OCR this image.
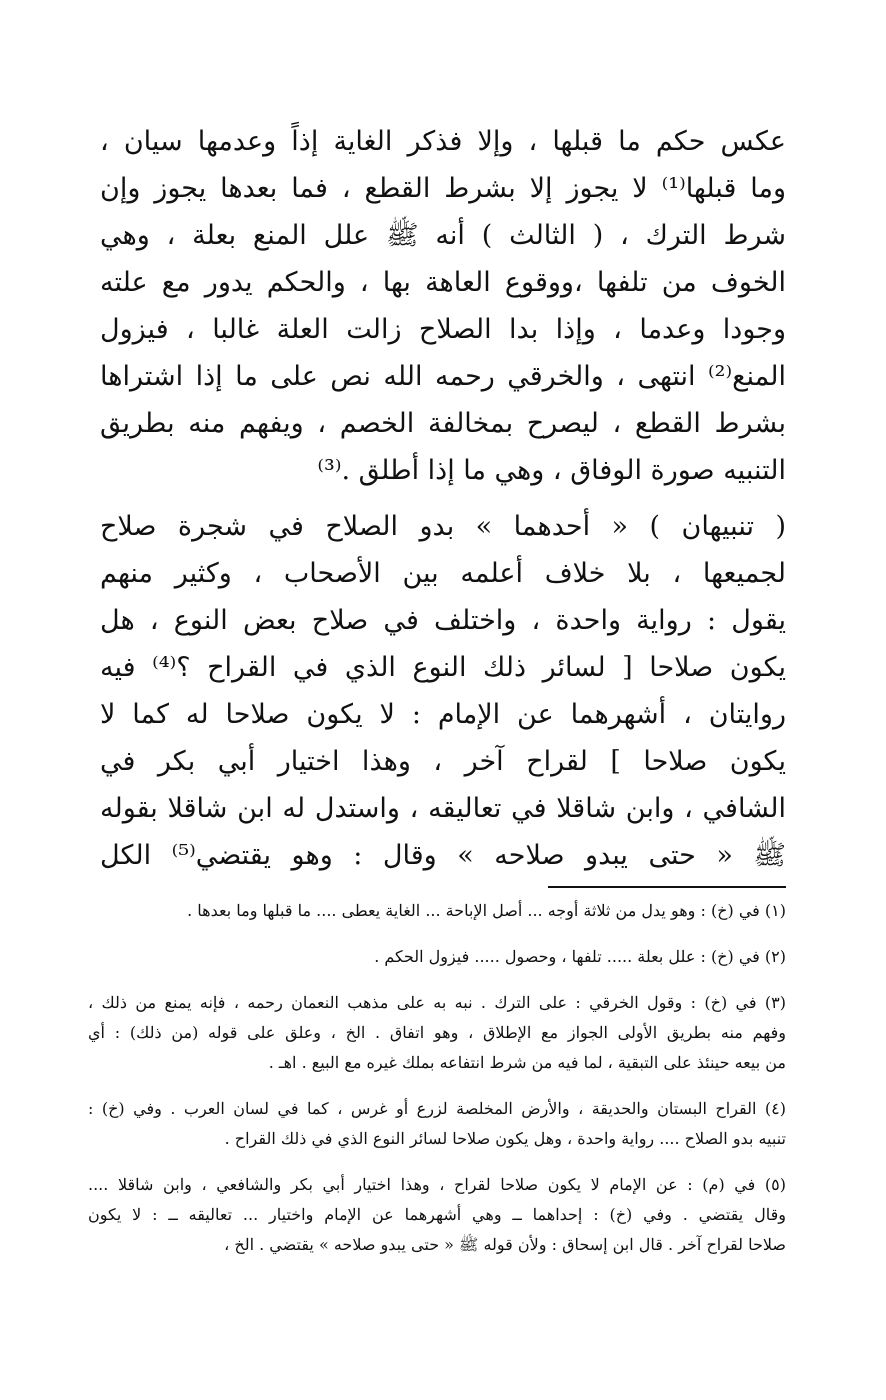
عكس حكم ما قبلها ، وإلا فذكر الغاية إذاً وعدمها سيان ،
وما قبلها⁽¹⁾ لا يجوز إلا بشرط القطع ، فما بعدها يجوز وإن
شرط الترك ، ( الثالث ) أنه ﷺ علل المنع بعلة ، وهي
الخوف من تلفها ،ووقوع العاهة بها ، والحكم يدور مع علته
وجودا وعدما ، وإذا بدا الصلاح زالت العلة غالبا ، فيزول
المنع⁽²⁾ انتهى ، والخرقي رحمه الله نص على ما إذا اشتراها
بشرط القطع ، ليصرح بمخالفة الخصم ، ويفهم منه بطريق
التنبيه صورة الوفاق ، وهي ما إذا أطلق .⁽³⁾
( تنبيهان ) « أحدهما » بدو الصلاح في شجرة صلاح
لجميعها ، بلا خلاف أعلمه بين الأصحاب ، وكثير منهم
يقول : رواية واحدة ، واختلف في صلاح بعض النوع ، هل
يكون صلاحا [ لسائر ذلك النوع الذي في القراح ؟⁽⁴⁾ فيه
روايتان ، أشهرهما عن الإمام : لا يكون صلاحا له كما لا
يكون صلاحا ] لقراح آخر ، وهذا اختيار أبي بكر في
الشافي ، وابن شاقلا في تعاليقه ، واستدل له ابن شاقلا بقوله
ﷺ « حتى يبدو صلاحه » وقال : وهو يقتضي⁽⁵⁾ الكل
(١) في (خ) : وهو يدل من ثلاثة أوجه ... أصل الإباحة ... الغاية يعطى .... ما قبلها وما بعدها .
(٢) في (خ) : علل بعلة ..... تلفها ، وحصول ..... فيزول الحكم .
(٣) في (خ) : وقول الخرقي : على الترك . نبه به على مذهب النعمان رحمه ، فإنه يمنع من ذلك ،
وفهم منه بطريق الأولى الجواز مع الإطلاق ، وهو اتفاق . الخ ، وعلق على قوله (من ذلك) : أي
من بيعه حينئذ على التبقية ، لما فيه من شرط انتفاعه بملك غيره مع البيع . اهـ .
(٤) القراح البستان والحديقة ، والأرض المخلصة لزرع أو غرس ، كما في لسان العرب . وفي (خ) :
تنبيه بدو الصلاح .... رواية واحدة ، وهل يكون صلاحا لسائر النوع الذي في ذلك القراح .
(٥) في (م) : عن الإمام لا يكون صلاحا لقراح ، وهذا اختيار أبي بكر والشافعي ، وابن شاقلا ....
وقال يقتضي . وفي (خ) : إحداهما ــ وهي أشهرهما عن الإمام واختيار ... تعاليقه ــ : لا يكون
صلاحا لقراح آخر . قال ابن إسحاق : ولأن قوله ﷺ « حتى يبدو صلاحه » يقتضي . الخ ،
